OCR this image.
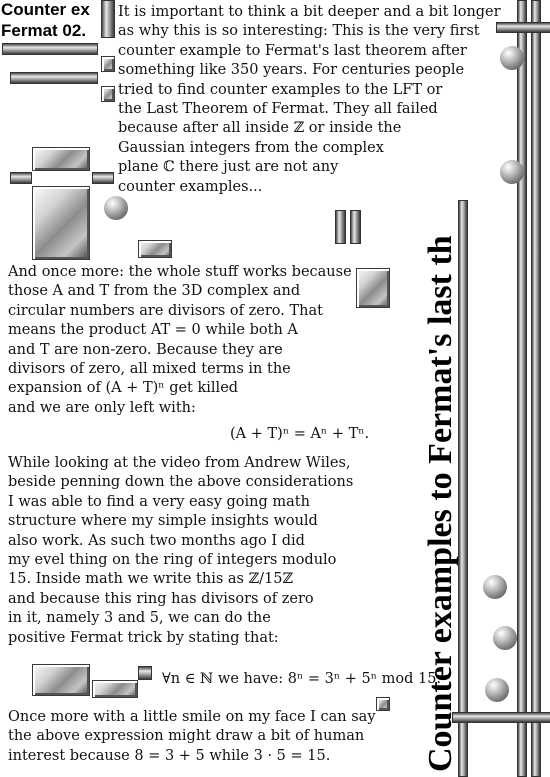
Counter ex
Fermat 02.
It is important to think a bit deeper and a bit longer
as why this is so interesting: This is the very first
counter example to Fermat's last theorem after
something like 350 years. For centuries people
tried to find counter examples to the LFT or
the Last Theorem of Fermat. They all failed
because after all inside ℤ or inside the
Gaussian integers from the complex
plane ℂ there just are not any
counter examples...
And once more: the whole stuff works because
those A and T from the 3D complex and
circular numbers are divisors of zero. That
means the product AT = 0 while both A
and T are non-zero. Because they are
divisors of zero, all mixed terms in the
expansion of (A + T)ⁿ get killed
and we are only left with:
(A + T)ⁿ = Aⁿ + Tⁿ.
While looking at the video from Andrew Wiles,
beside penning down the above considerations
I was able to find a very easy going math
structure where my simple insights would
also work. As such two months ago I did
my evel thing on the ring of integers modulo
15. Inside math we write this as ℤ/15ℤ
and because this ring has divisors of zero
in it, namely 3 and 5, we can do the
positive Fermat trick by stating that:
∀n ∈ ℕ we have: 8ⁿ = 3ⁿ + 5ⁿ mod 15.
Once more with a little smile on my face I can say
the above expression might draw a bit of human
interest because 8 = 3 + 5 while 3 · 5 = 15.	Counter examples to Fermat's last th
